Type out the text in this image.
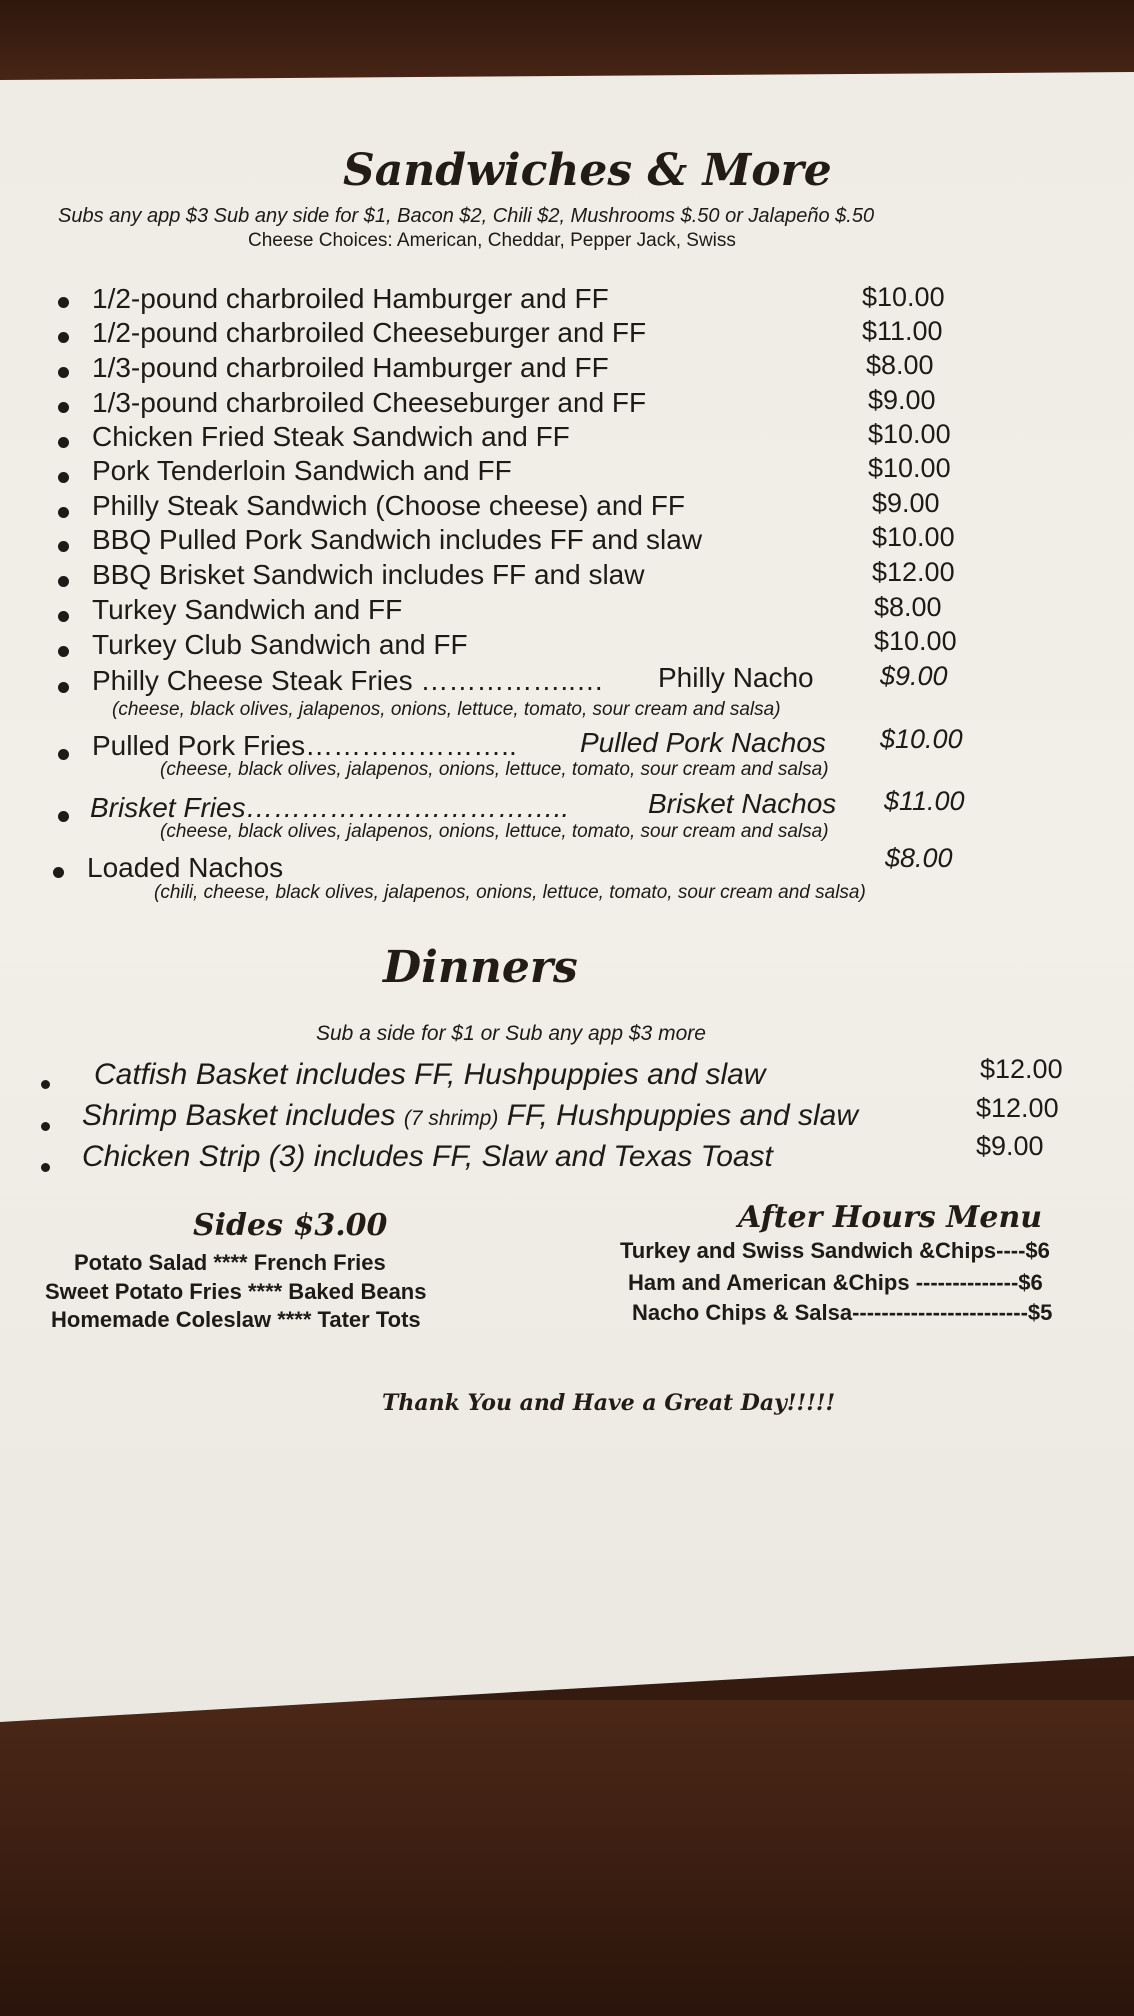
Sandwiches & More
Subs any app $3 Sub any side for $1, Bacon $2, Chili $2, Mushrooms $.50 or Jalapeño $.50
Cheese Choices: American, Cheddar, Pepper Jack, Swiss
1/2-pound charbroiled Hamburger and FF	$10.00
1/2-pound charbroiled Cheeseburger and FF	$11.00
1/3-pound charbroiled Hamburger and FF	$8.00
1/3-pound charbroiled Cheeseburger and FF	$9.00
Chicken Fried Steak Sandwich and FF	$10.00
Pork Tenderloin Sandwich and FF	$10.00
Philly Steak Sandwich (Choose cheese) and FF	$9.00
BBQ Pulled Pork Sandwich includes FF and slaw	$10.00
BBQ Brisket Sandwich includes FF and slaw	$12.00
Turkey Sandwich and FF	$8.00
Turkey Club Sandwich and FF	$10.00
Philly Cheese Steak Fries ……………..… Philly Nacho $9.00
(cheese, black olives, jalapenos, onions, lettuce, tomato, sour cream and salsa)
Pulled Pork Fries………………….. Pulled Pork Nachos $10.00
(cheese, black olives, jalapenos, onions, lettuce, tomato, sour cream and salsa)
Brisket Fries……………………………..	Brisket Nachos $11.00
(cheese, black olives, jalapenos, onions, lettuce, tomato, sour cream and salsa)
Loaded Nachos	$8.00
(chili, cheese, black olives, jalapenos, onions, lettuce, tomato, sour cream and salsa)
Dinners
Sub a side for $1 or Sub any app $3 more
Catfish Basket includes FF, Hushpuppies and slaw	$12.00
Shrimp Basket includes (7 shrimp) FF, Hushpuppies and slaw	$12.00
Chicken Strip (3) includes FF, Slaw and Texas Toast	$9.00
Sides $3.00
Potato Salad **** French Fries
Sweet Potato Fries **** Baked Beans
Homemade Coleslaw **** Tater Tots
After Hours Menu
Turkey and Swiss Sandwich &Chips----$6
Ham and American &Chips --------------$6
Nacho Chips & Salsa------------------------$5
Thank You and Have a Great Day!!!!!
